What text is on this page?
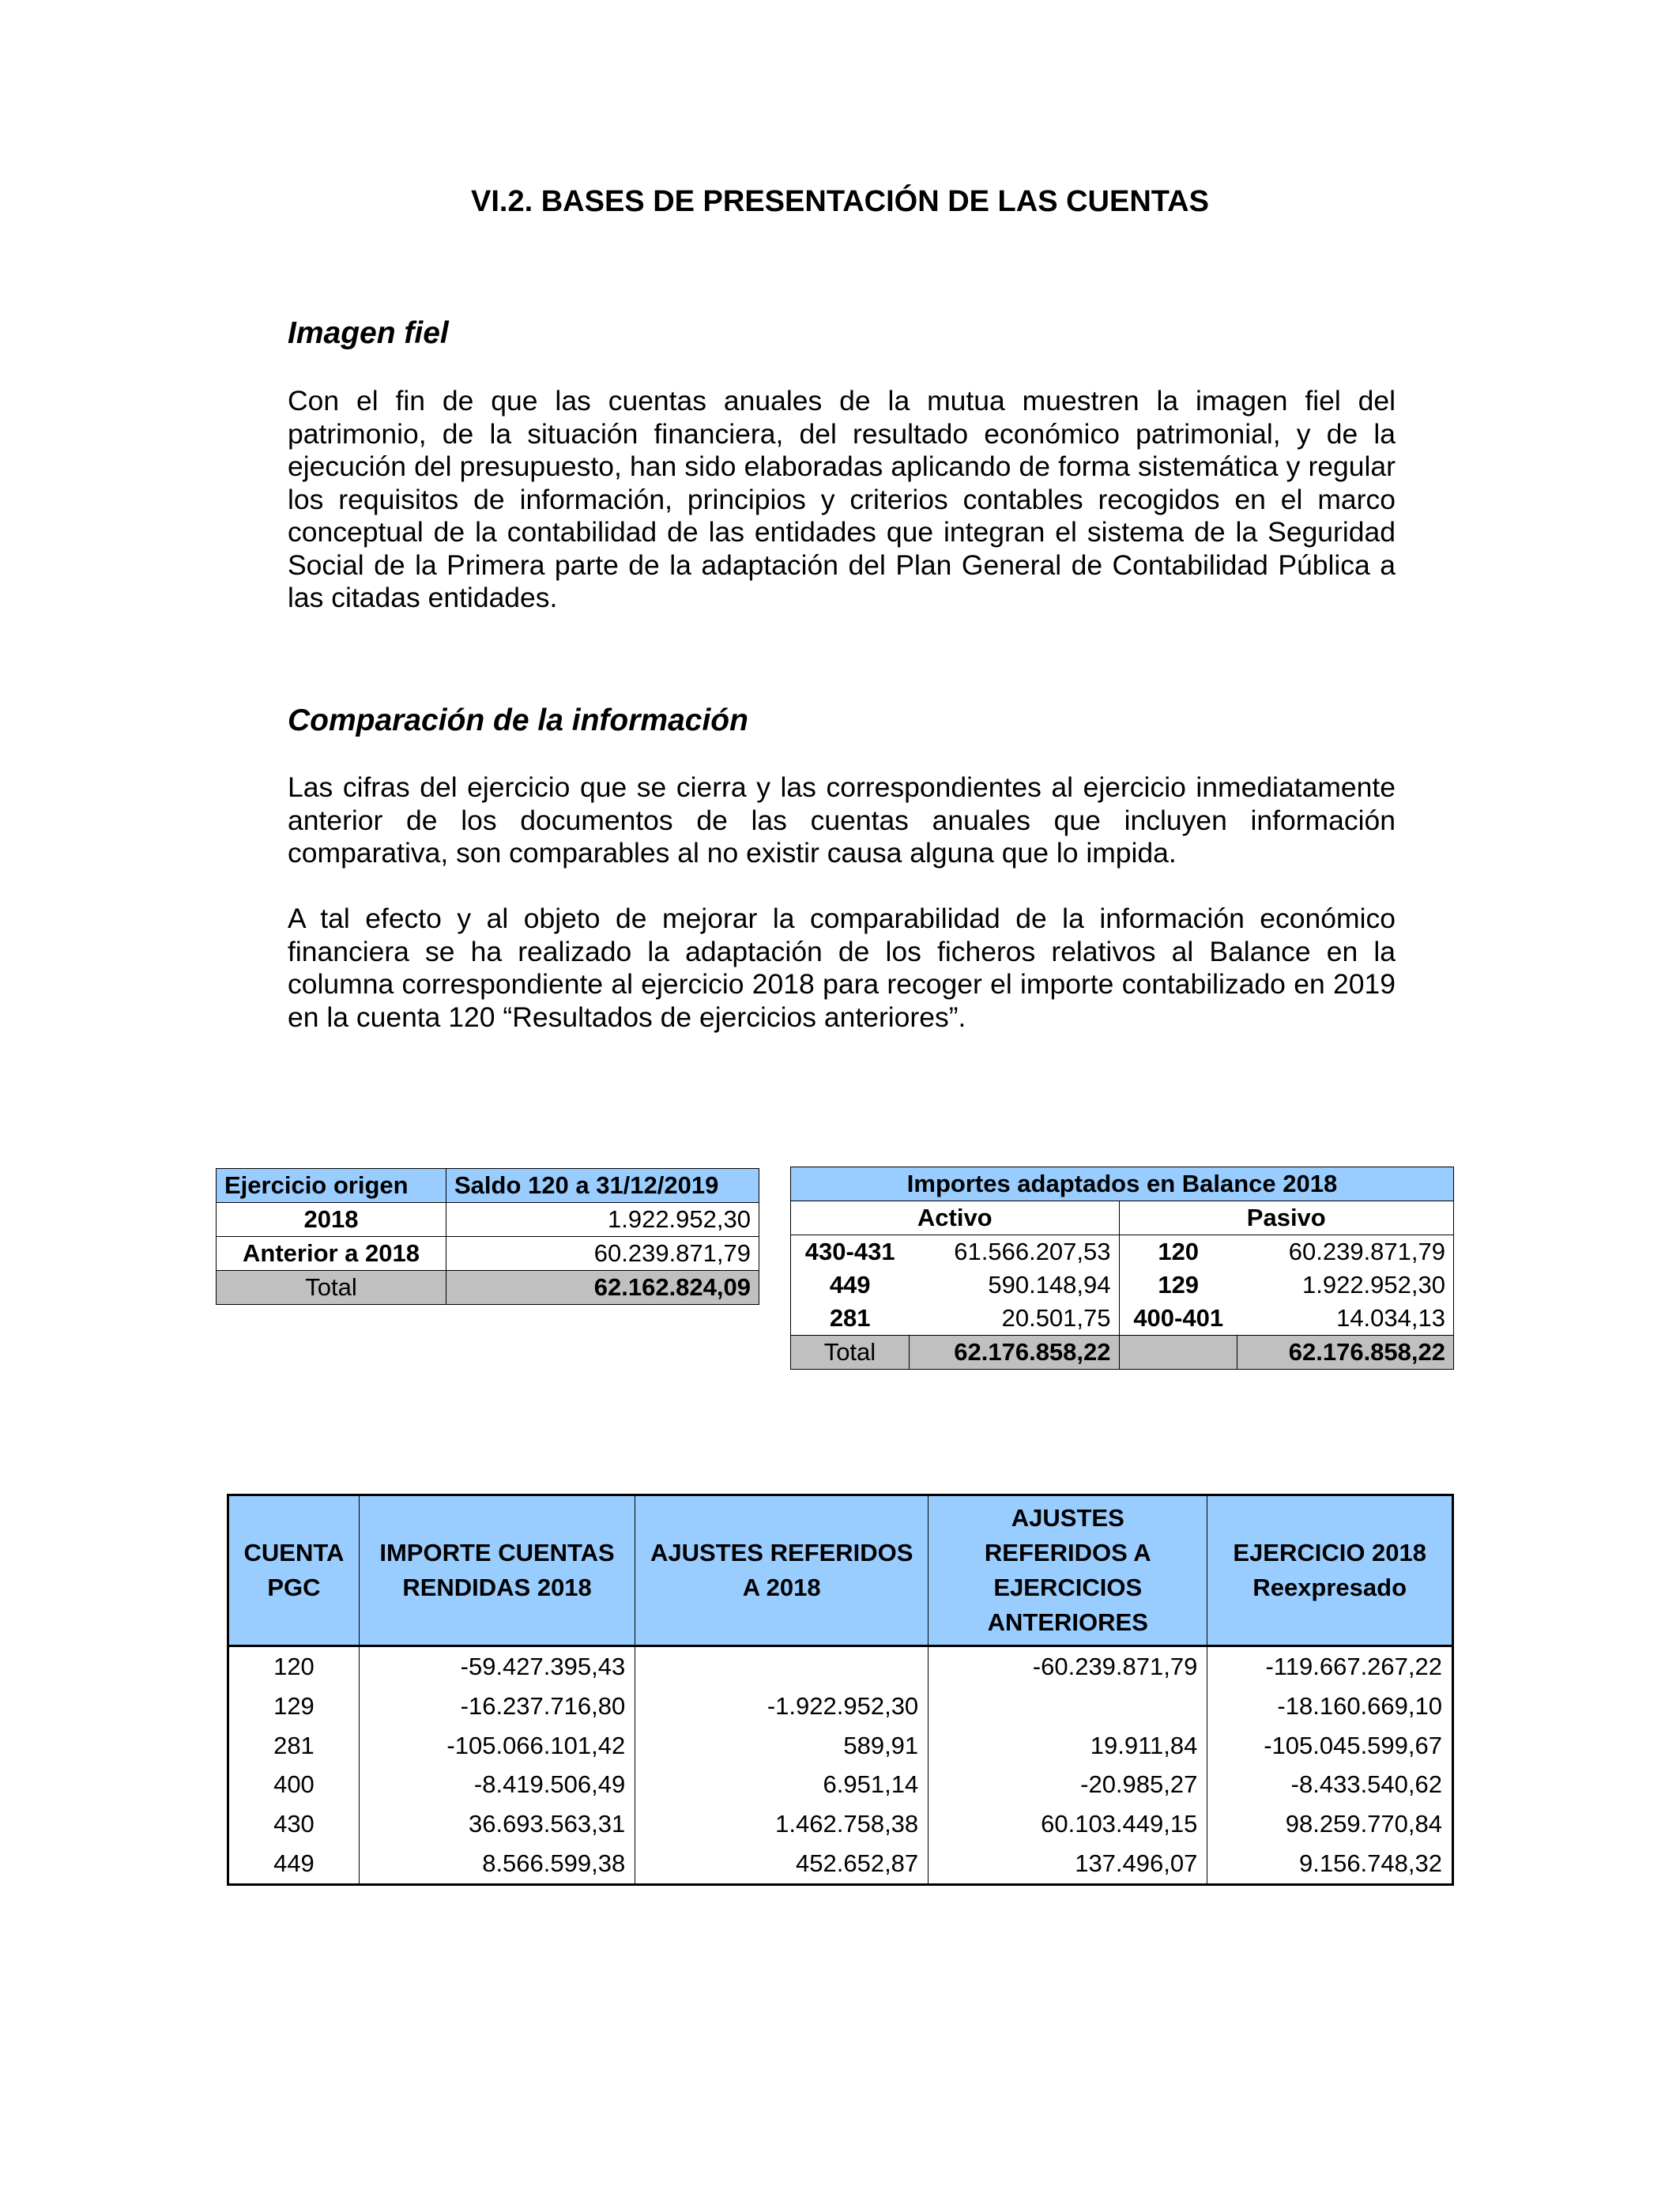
VI.2. BASES DE PRESENTACIÓN DE LAS CUENTAS
Imagen fiel

Con el fin de que las cuentas anuales de la mutua muestren la imagen fiel del patrimonio, de la situación financiera, del resultado económico patrimonial, y de la ejecución del presupuesto, han sido elaboradas aplicando de forma sistemática y regular los requisitos de información, principios y criterios contables recogidos en el marco conceptual de la contabilidad de las entidades que integran el sistema de la Seguridad Social de la Primera parte de la adaptación del Plan General de Contabilidad Pública a las citadas entidades.

Comparación de la información

Las cifras del ejercicio que se cierra y las correspondientes al ejercicio inmediatamente anterior de los documentos de las cuentas anuales que incluyen información comparativa, son comparables al no existir causa alguna que lo impida.

A tal efecto y al objeto de mejorar la comparabilidad de la información económico financiera se ha realizado la adaptación de los ficheros relativos al Balance en la columna correspondiente al ejercicio 2018 para recoger el importe contabilizado en 2019 en la cuenta 120 “Resultados de ejercicios anteriores”.

Ejercicio origen	Saldo 120 a 31/12/2019
2018	1.922.952,30
Anterior a 2018	60.239.871,79
Total	62.162.824,09
Importes adaptados en Balance 2018			
Activo		Pasivo	
430-431	61.566.207,53	120	60.239.871,79
449	590.148,94	129	1.922.952,30
281	20.501,75	400-401	14.034,13
Total	62.176.858,22		62.176.858,22
CUENTA PGC	IMPORTE CUENTAS RENDIDAS 2018	AJUSTES REFERIDOS A 2018	AJUSTES REFERIDOS A EJERCICIOS ANTERIORES	EJERCICIO 2018 Reexpresado
120	-59.427.395,43		-60.239.871,79	-119.667.267,22
129	-16.237.716,80	-1.922.952,30		-18.160.669,10
281	-105.066.101,42	589,91	19.911,84	-105.045.599,67
400	-8.419.506,49	6.951,14	-20.985,27	-8.433.540,62
430	36.693.563,31	1.462.758,38	60.103.449,15	98.259.770,84
449	8.566.599,38	452.652,87	137.496,07	9.156.748,32
